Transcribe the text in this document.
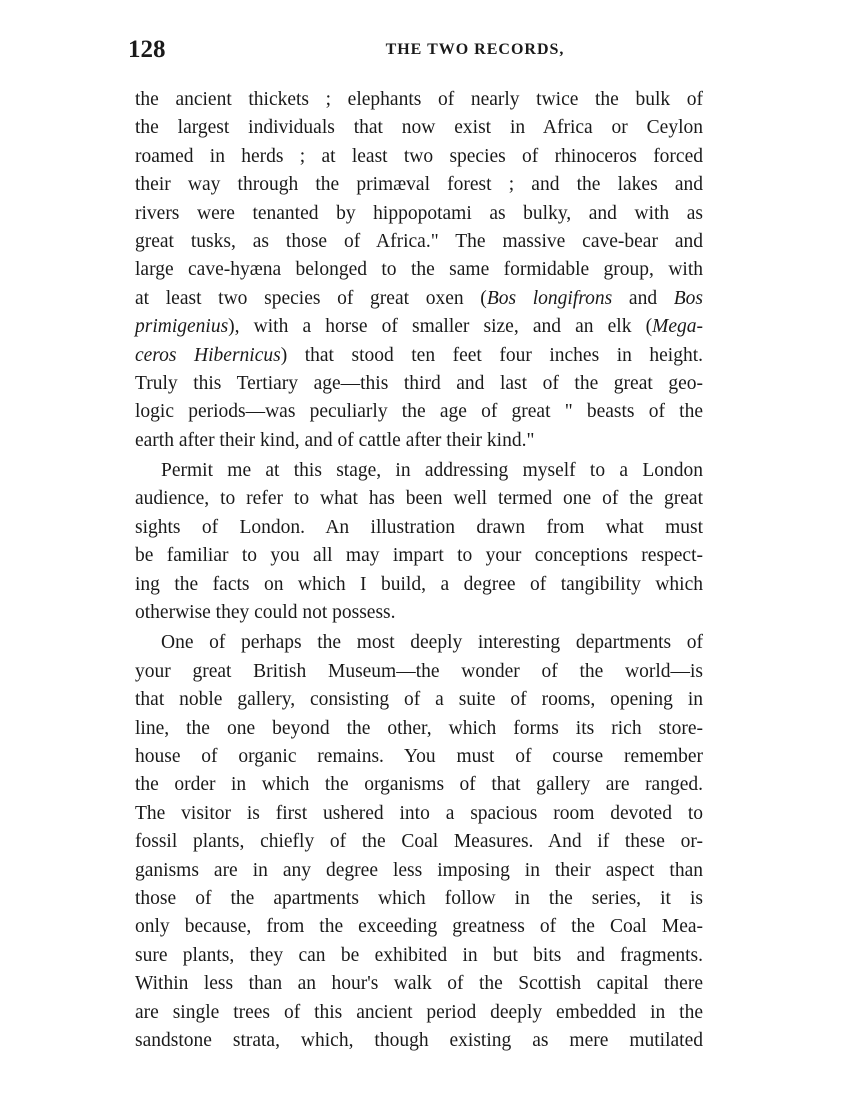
128	THE TWO RECORDS,
the ancient thickets ; elephants of nearly twice the bulk of
the largest individuals that now exist in Africa or Ceylon
roamed in herds ; at least two species of rhinoceros forced
their way through the primæval forest ; and the lakes and
rivers were tenanted by hippopotami as bulky, and with as
great tusks, as those of Africa." The massive cave-bear and
large cave-hyæna belonged to the same formidable group, with
at least two species of great oxen (Bos longifrons and Bos
primigenius), with a horse of smaller size, and an elk (Mega-
ceros Hibernicus) that stood ten feet four inches in height.
Truly this Tertiary age—this third and last of the great geo-
logic periods—was peculiarly the age of great " beasts of the
earth after their kind, and of cattle after their kind."
Permit me at this stage, in addressing myself to a London
audience, to refer to what has been well termed one of the great
sights of London. An illustration drawn from what must
be familiar to you all may impart to your conceptions respect-
ing the facts on which I build, a degree of tangibility which
otherwise they could not possess.
One of perhaps the most deeply interesting departments of
your great British Museum—the wonder of the world—is
that noble gallery, consisting of a suite of rooms, opening in
line, the one beyond the other, which forms its rich store-
house of organic remains. You must of course remember
the order in which the organisms of that gallery are ranged.
The visitor is first ushered into a spacious room devoted to
fossil plants, chiefly of the Coal Measures. And if these or-
ganisms are in any degree less imposing in their aspect than
those of the apartments which follow in the series, it is
only because, from the exceeding greatness of the Coal Mea-
sure plants, they can be exhibited in but bits and fragments.
Within less than an hour's walk of the Scottish capital there
are single trees of this ancient period deeply embedded in the
sandstone strata, which, though existing as mere mutilated
